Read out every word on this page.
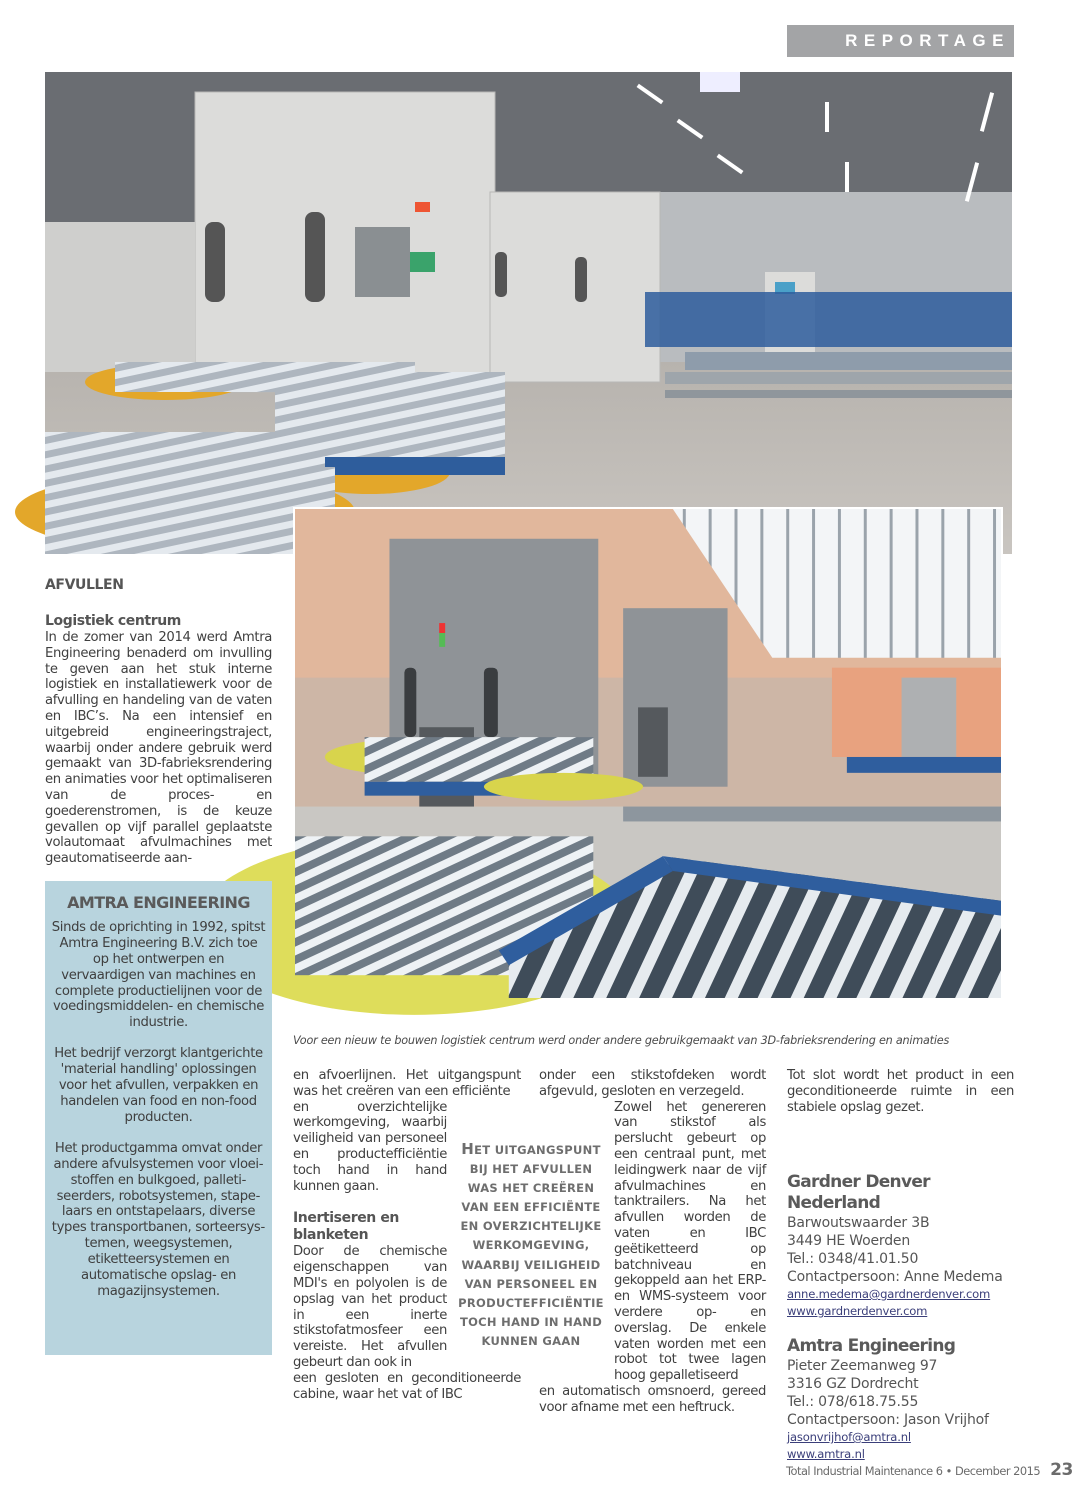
REPORTAGE
Voor een nieuw te bouwen logistiek centrum werd onder andere gebruikgemaakt van 3D-fabrieksrendering en animaties
AFVULLEN
Logistiek centrum

In de zomer van 2014 werd Amtra Engineering benaderd om invulling te geven aan het stuk interne logistiek en installatiewerk voor de afvulling en handeling van de vaten en IBC’s. Na een intensief en uitgebreid engineeringstraject, waarbij onder andere gebruik werd gemaakt van 3D-fabrieksrendering en animaties voor het optimaliseren van de proces- en goederenstromen, is de keuze gevallen op vijf parallel geplaatste volautomaat afvulmachines met geautomatiseerde aan-

AMTRA ENGINEERING

Sinds de oprichting in 1992, spitst Amtra Engineering B.V. zich toe op het ontwerpen en vervaardigen van machines en complete productielijnen voor de voedingsmiddelen- en chemische industrie.

Het bedrijf verzorgt klantgerichte 'material handling' oplossingen voor het afvullen, verpakken en handelen van food en non-food producten.

Het productgamma omvat onder andere afvulsystemen voor vloeistoffen en bulkgoed, palletiseerders, robotsystemen, stapelaars en ontstapelaars, diverse types transportbanen, sorteersystemen, weegsystemen, etiketteersystemen en automatische opslag- en magazijnsystemen.

en afvoerlijnen. Het uitgangspunt was het creëren van een efficiënte

en overzichtelijke werkomgeving, waarbij veiligheid van personeel en productefficiëntie toch hand in hand kunnen gaan.

Inertiseren en blanketen

Door de chemische eigenschappen van MDI's en polyolen is de opslag van het product in een inerte stikstofatmosfeer een vereiste. Het afvullen gebeurt dan ook in

een gesloten en geconditioneerde cabine, waar het vat of IBC

HET UITGANGSPUNT BIJ HET AFVULLEN WAS HET CREËREN VAN EEN EFFICIËNTE EN OVERZICHTELIJKE WERKOMGEVING, WAARBIJ VEILIGHEID VAN PERSONEEL EN PRODUCTEFFICIËNTIE TOCH HAND IN HAND KUNNEN GAAN

onder een stikstofdeken wordt afgevuld, gesloten en verzegeld.

Zowel het genereren van stikstof als perslucht gebeurt op een centraal punt, met leidingwerk naar de vijf afvulmachines en tanktrailers. Na het afvullen worden de vaten en IBC geëtiketteerd op batchniveau en gekoppeld aan het ERP- en WMS-systeem voor verdere op- en overslag. De enkele vaten worden met een robot tot twee lagen hoog gepalletiseerd

en automatisch omsnoerd, gereed voor afname met een heftruck.

Tot slot wordt het product in een geconditioneerde ruimte in een stabiele opslag gezet.

Gardner Denver Nederland
Barwoutswaarder 3B
3449 HE Woerden
Tel.: 0348/41.01.50
Contactpersoon: Anne Medema
anne.medema@gardnerdenver.com
www.gardnerdenver.com
Amtra Engineering
Pieter Zeemanweg 97
3316 GZ Dordrecht
Tel.: 078/618.75.55
Contactpersoon: Jason Vrijhof
jasonvrijhof@amtra.nl
www.amtra.nl
Total Industrial Maintenance 6 • December 2015 23
